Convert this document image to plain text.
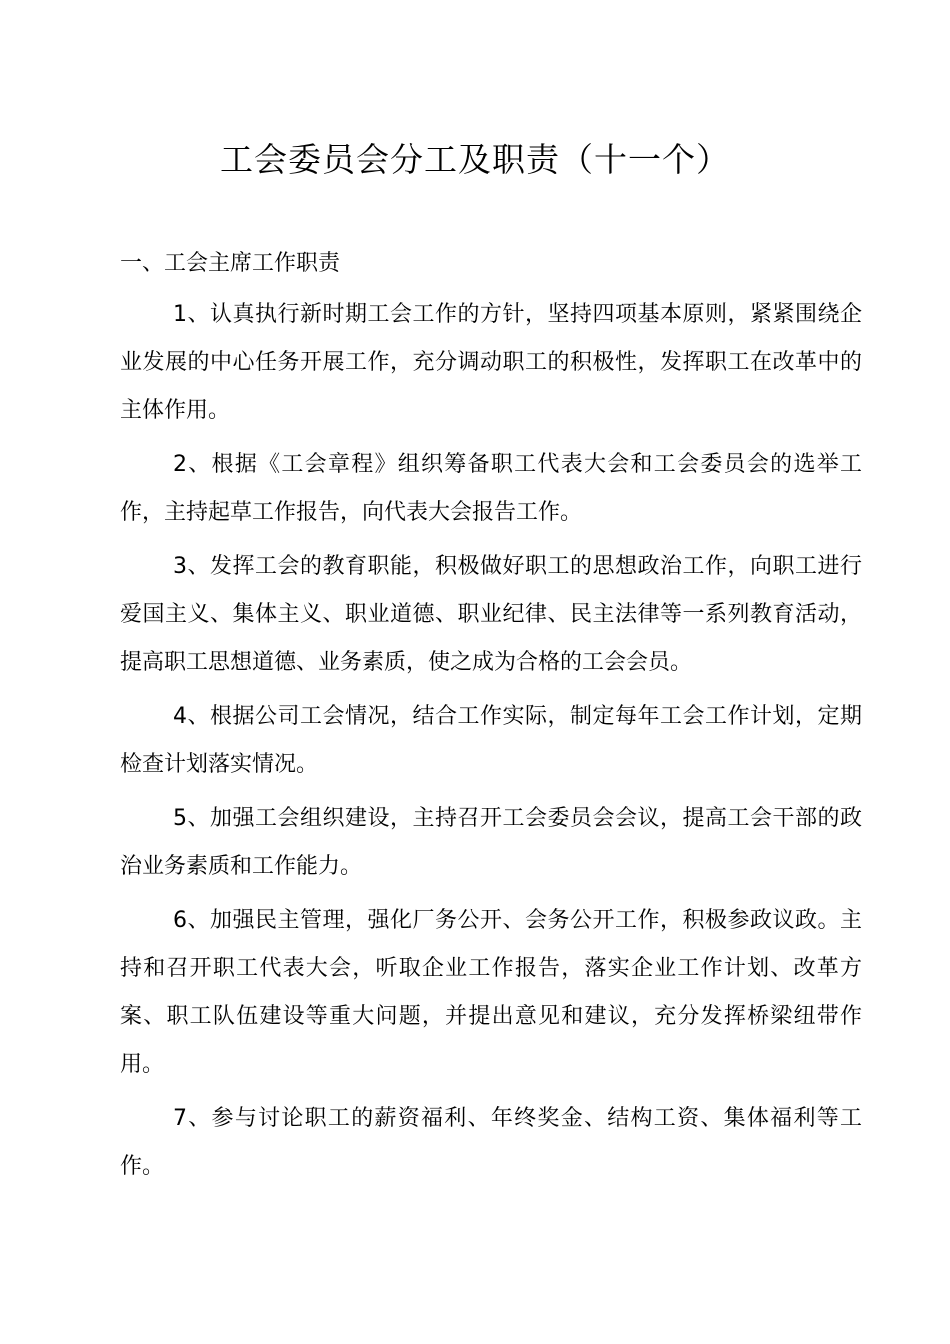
工会委员会分工及职责（十一个）
一、工会主席工作职责

1、认真执行新时期工会工作的方针，坚持四项基本原则，紧紧围绕企业发展的中心任务开展工作，充分调动职工的积极性，发挥职工在改革中的主体作用。

2、根据《工会章程》组织筹备职工代表大会和工会委员会的选举工作，主持起草工作报告，向代表大会报告工作。

3、发挥工会的教育职能，积极做好职工的思想政治工作，向职工进行爱国主义、集体主义、职业道德、职业纪律、民主法律等一系列教育活动，提高职工思想道德、业务素质，使之成为合格的工会会员。

4、根据公司工会情况，结合工作实际，制定每年工会工作计划，定期检查计划落实情况。

5、加强工会组织建设，主持召开工会委员会会议，提高工会干部的政治业务素质和工作能力。

6、加强民主管理，强化厂务公开、会务公开工作，积极参政议政。主持和召开职工代表大会，听取企业工作报告，落实企业工作计划、改革方案、职工队伍建设等重大问题，并提出意见和建议，充分发挥桥梁纽带作用。

7、参与讨论职工的薪资福利、年终奖金、结构工资、集体福利等工作。
